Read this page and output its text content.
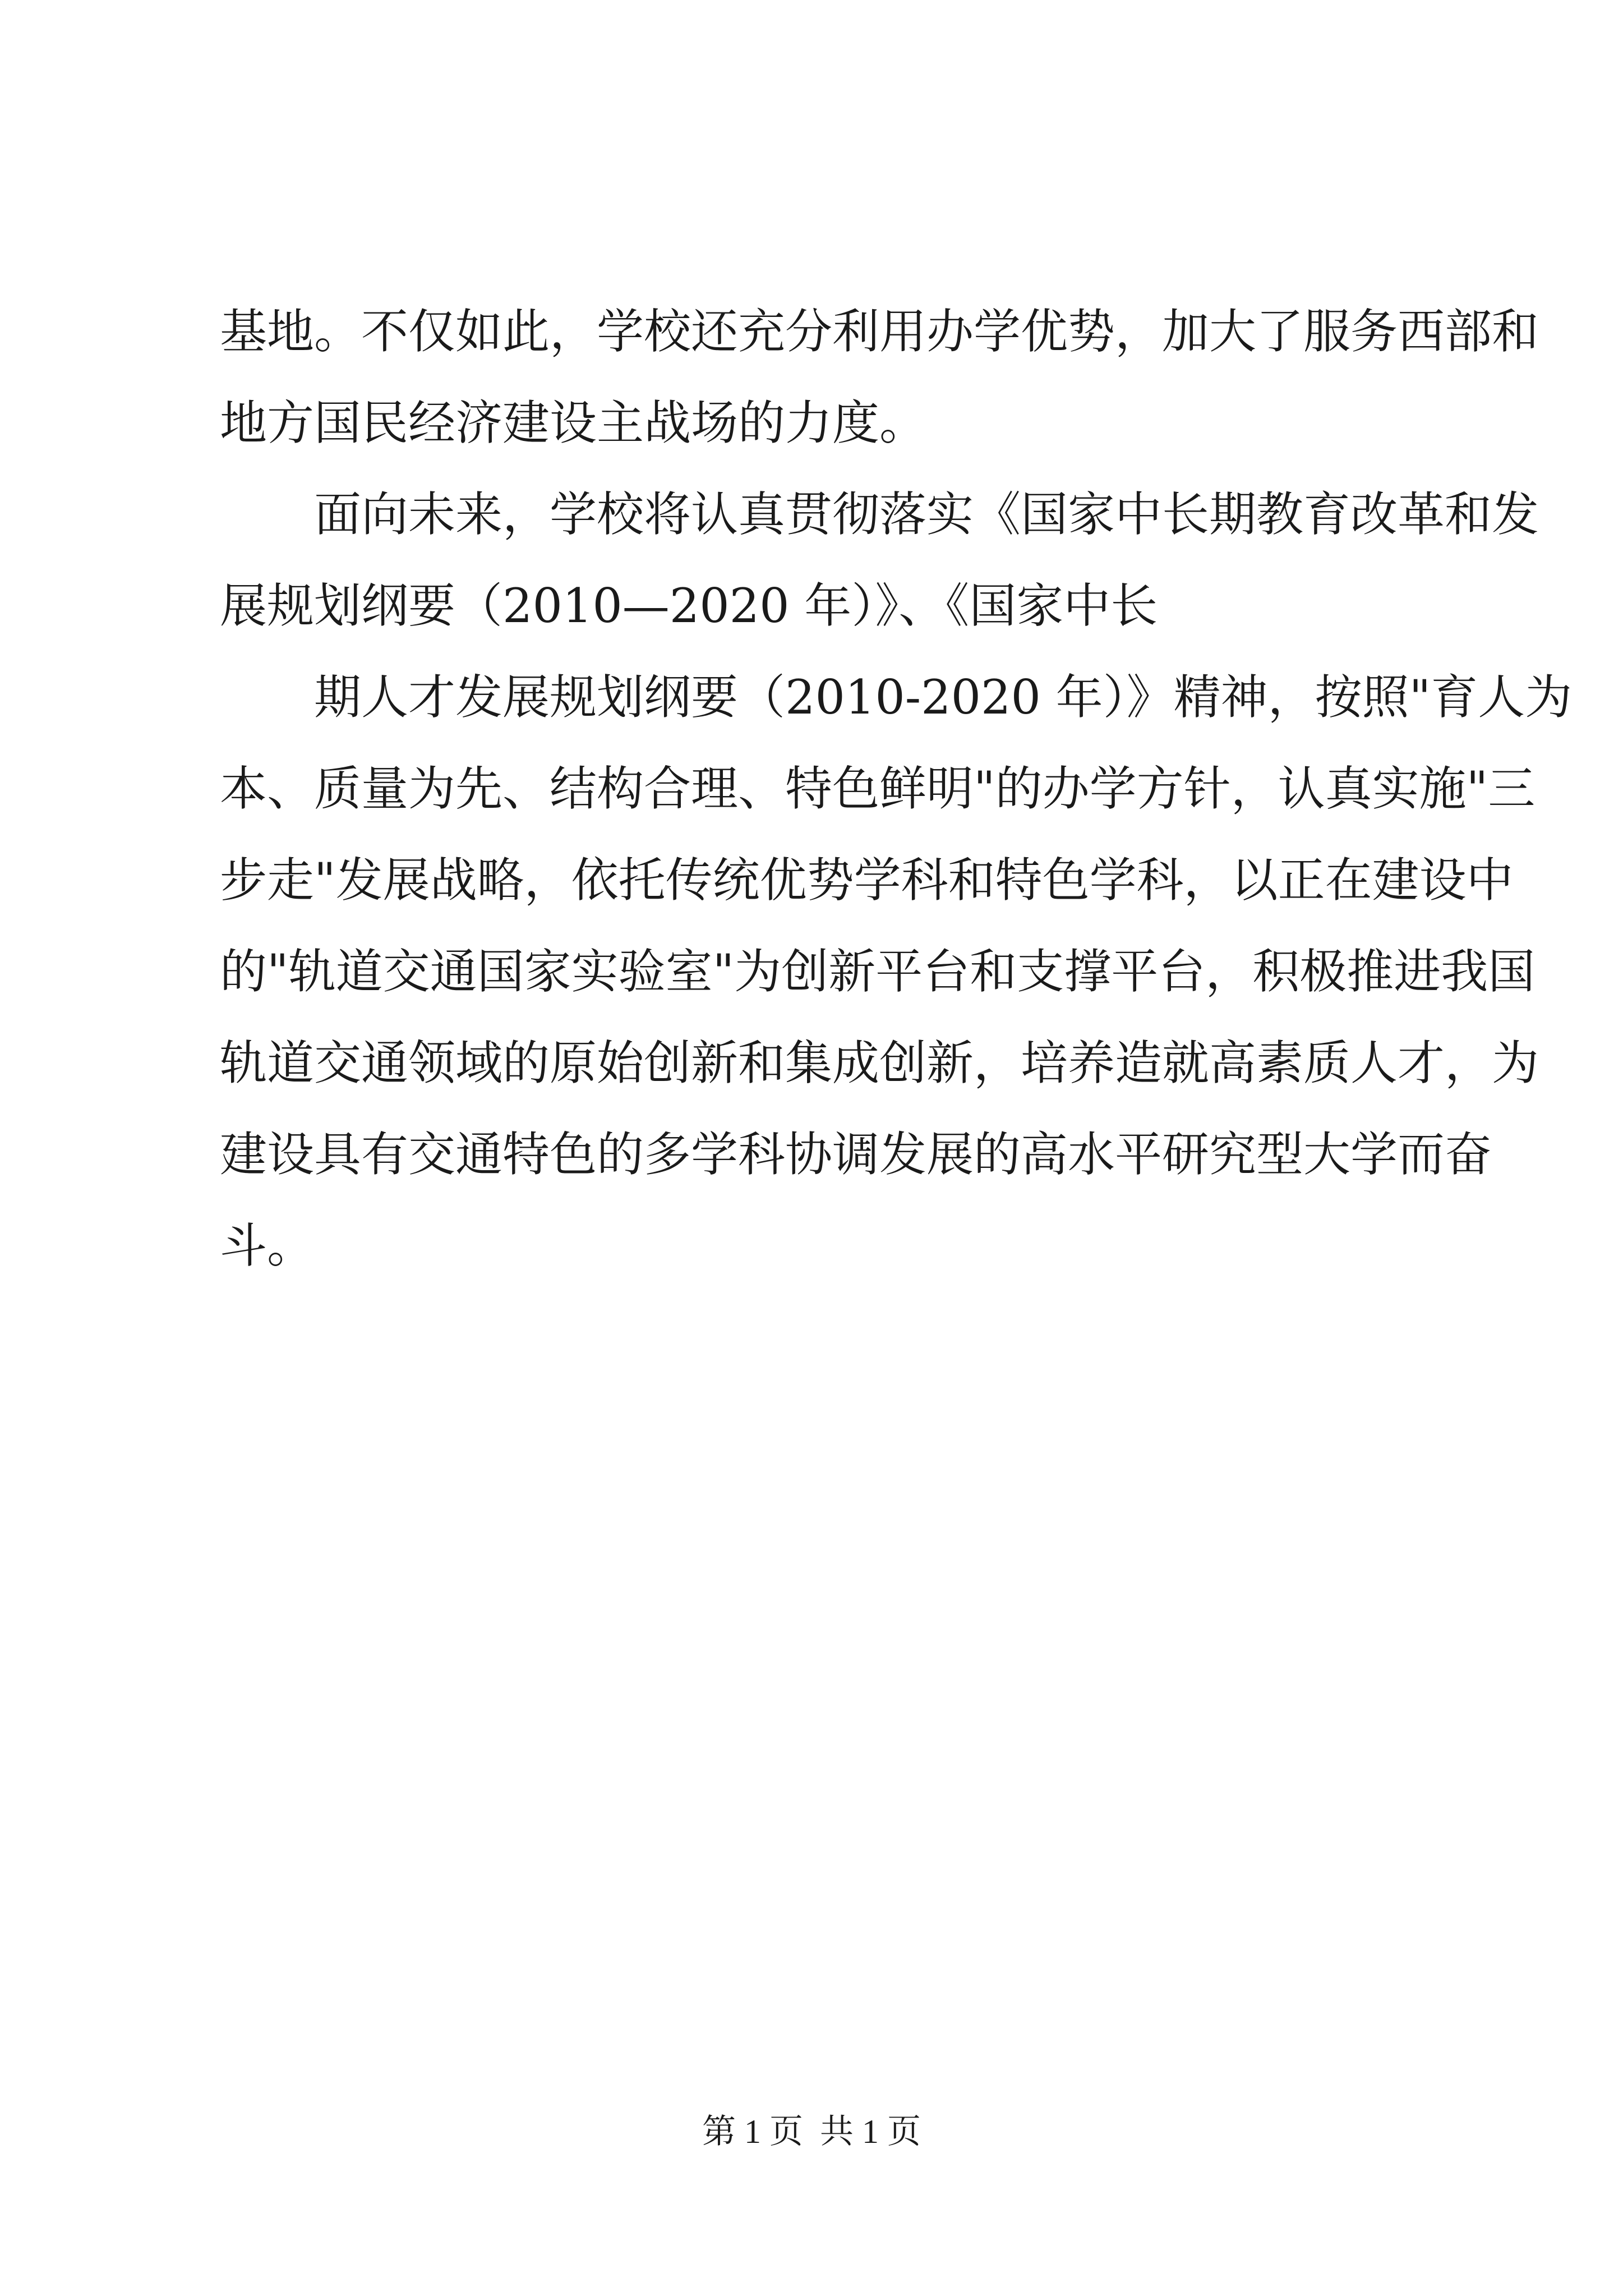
基地。不仅如此，学校还充分利用办学优势，加大了服务西部和
地方国民经济建设主战场的力度。
面向未来，学校将认真贯彻落实《国家中长期教育改革和发
展规划纲要（2010—2020 年）》、《国家中长
期人才发展规划纲要（2010-2020 年）》精神，按照"育人为
本、质量为先、结构合理、特色鲜明"的办学方针，认真实施"三
步走"发展战略，依托传统优势学科和特色学科，以正在建设中
的"轨道交通国家实验室"为创新平台和支撑平台，积极推进我国
轨道交通领域的原始创新和集成创新，培养造就高素质人才，为
建设具有交通特色的多学科协调发展的高水平研究型大学而奋
斗。
第 1 页  共 1 页
